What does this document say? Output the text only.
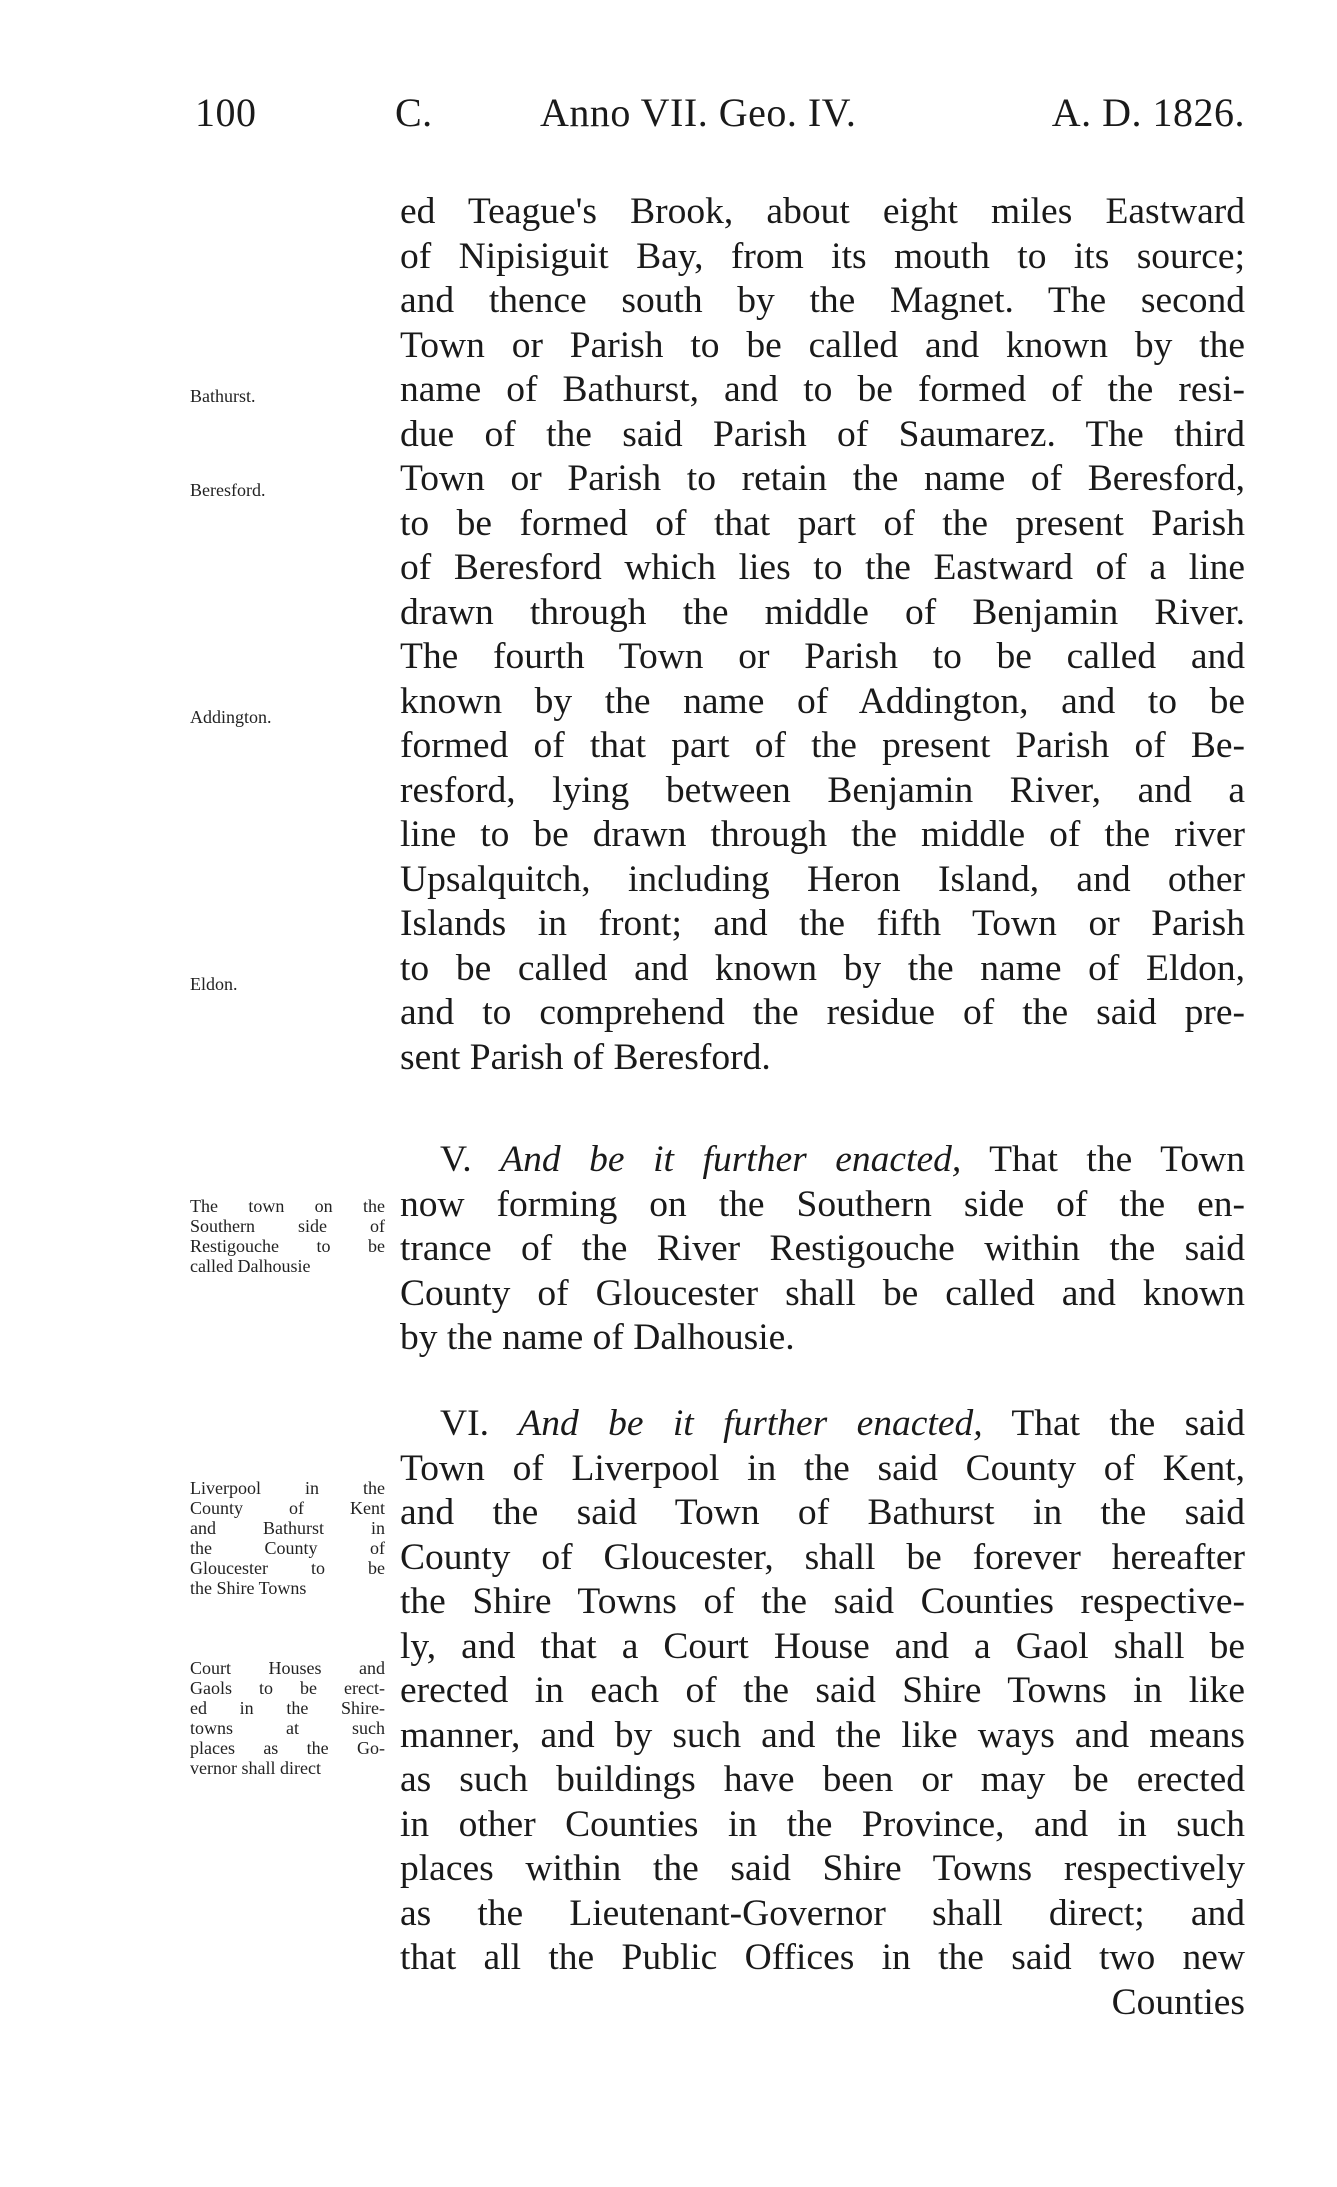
100	C.	Anno VII. Geo. IV.	A. D. 1826.
ed Teague's Brook, about eight miles Eastward
of Nipisiguit Bay, from its mouth to its source;
and thence south by the Magnet. The second
Town or Parish to be called and known by the
name of Bathurst, and to be formed of the resi-
due of the said Parish of Saumarez. The third
Town or Parish to retain the name of Beresford,
to be formed of that part of the present Parish
of Beresford which lies to the Eastward of a line
drawn through the middle of Benjamin River.
The fourth Town or Parish to be called and
known by the name of Addington, and to be
formed of that part of the present Parish of Be-
resford, lying between Benjamin River, and a
line to be drawn through the middle of the river
Upsalquitch, including Heron Island, and other
Islands in front; and the fifth Town or Parish
to be called and known by the name of Eldon,
and to comprehend the residue of the said pre-
sent Parish of Beresford.
V. And be it further enacted, That the Town
now forming on the Southern side of the en-
trance of the River Restigouche within the said
County of Gloucester shall be called and known
by the name of Dalhousie.
VI. And be it further enacted, That the said
Town of Liverpool in the said County of Kent,
and the said Town of Bathurst in the said
County of Gloucester, shall be forever hereafter
the Shire Towns of the said Counties respective-
ly, and that a Court House and a Gaol shall be
erected in each of the said Shire Towns in like
manner, and by such and the like ways and means
as such buildings have been or may be erected
in other Counties in the Province, and in such
places within the said Shire Towns respectively
as the Lieutenant-Governor shall direct; and
that all the Public Offices in the said two new
Counties
Bathurst.
Beresford.
Addington.
Eldon.
The town on the
Southern side of
Restigouche to be
called Dalhousie
Liverpool in the
County of Kent
and Bathurst in
the County of
Gloucester to be
the Shire Towns
Court Houses and
Gaols to be erect-
ed in the Shire-
towns at such
places as the Go-
vernor shall direct
